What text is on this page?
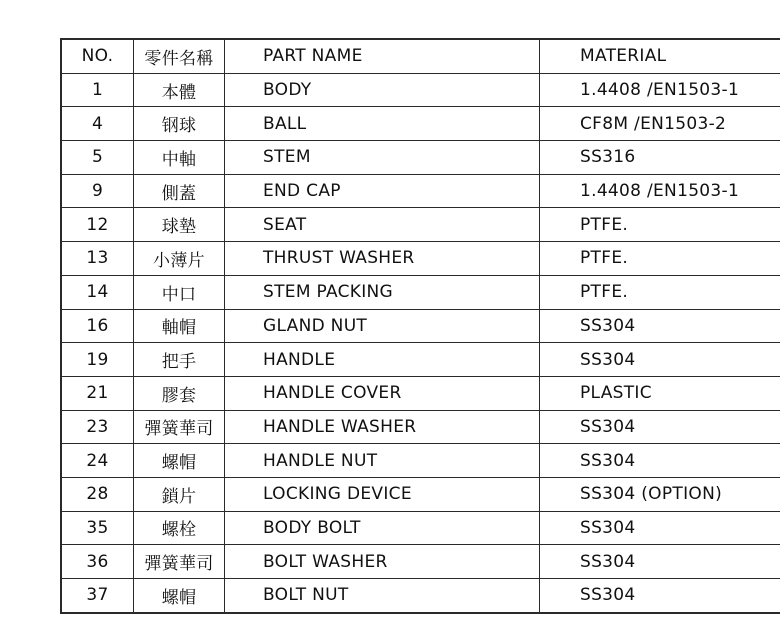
NO.	零件名稱	PART NAME	MATERIAL
1	本體	BODY	1.4408 /EN1503-1
4	钢球	BALL	CF8M /EN1503-2
5	中軸	STEM	SS316
9	側蓋	END CAP	1.4408 /EN1503-1
12	球墊	SEAT	PTFE.
13	小薄片	THRUST WASHER	PTFE.
14	中口	STEM PACKING	PTFE.
16	軸帽	GLAND NUT	SS304
19	把手	HANDLE	SS304
21	膠套	HANDLE COVER	PLASTIC
23	彈簧華司	HANDLE WASHER	SS304
24	螺帽	HANDLE NUT	SS304
28	鎖片	LOCKING DEVICE	SS304 (OPTION)
35	螺栓	BODY BOLT	SS304
36	彈簧華司	BOLT WASHER	SS304
37	螺帽	BOLT NUT	SS304
